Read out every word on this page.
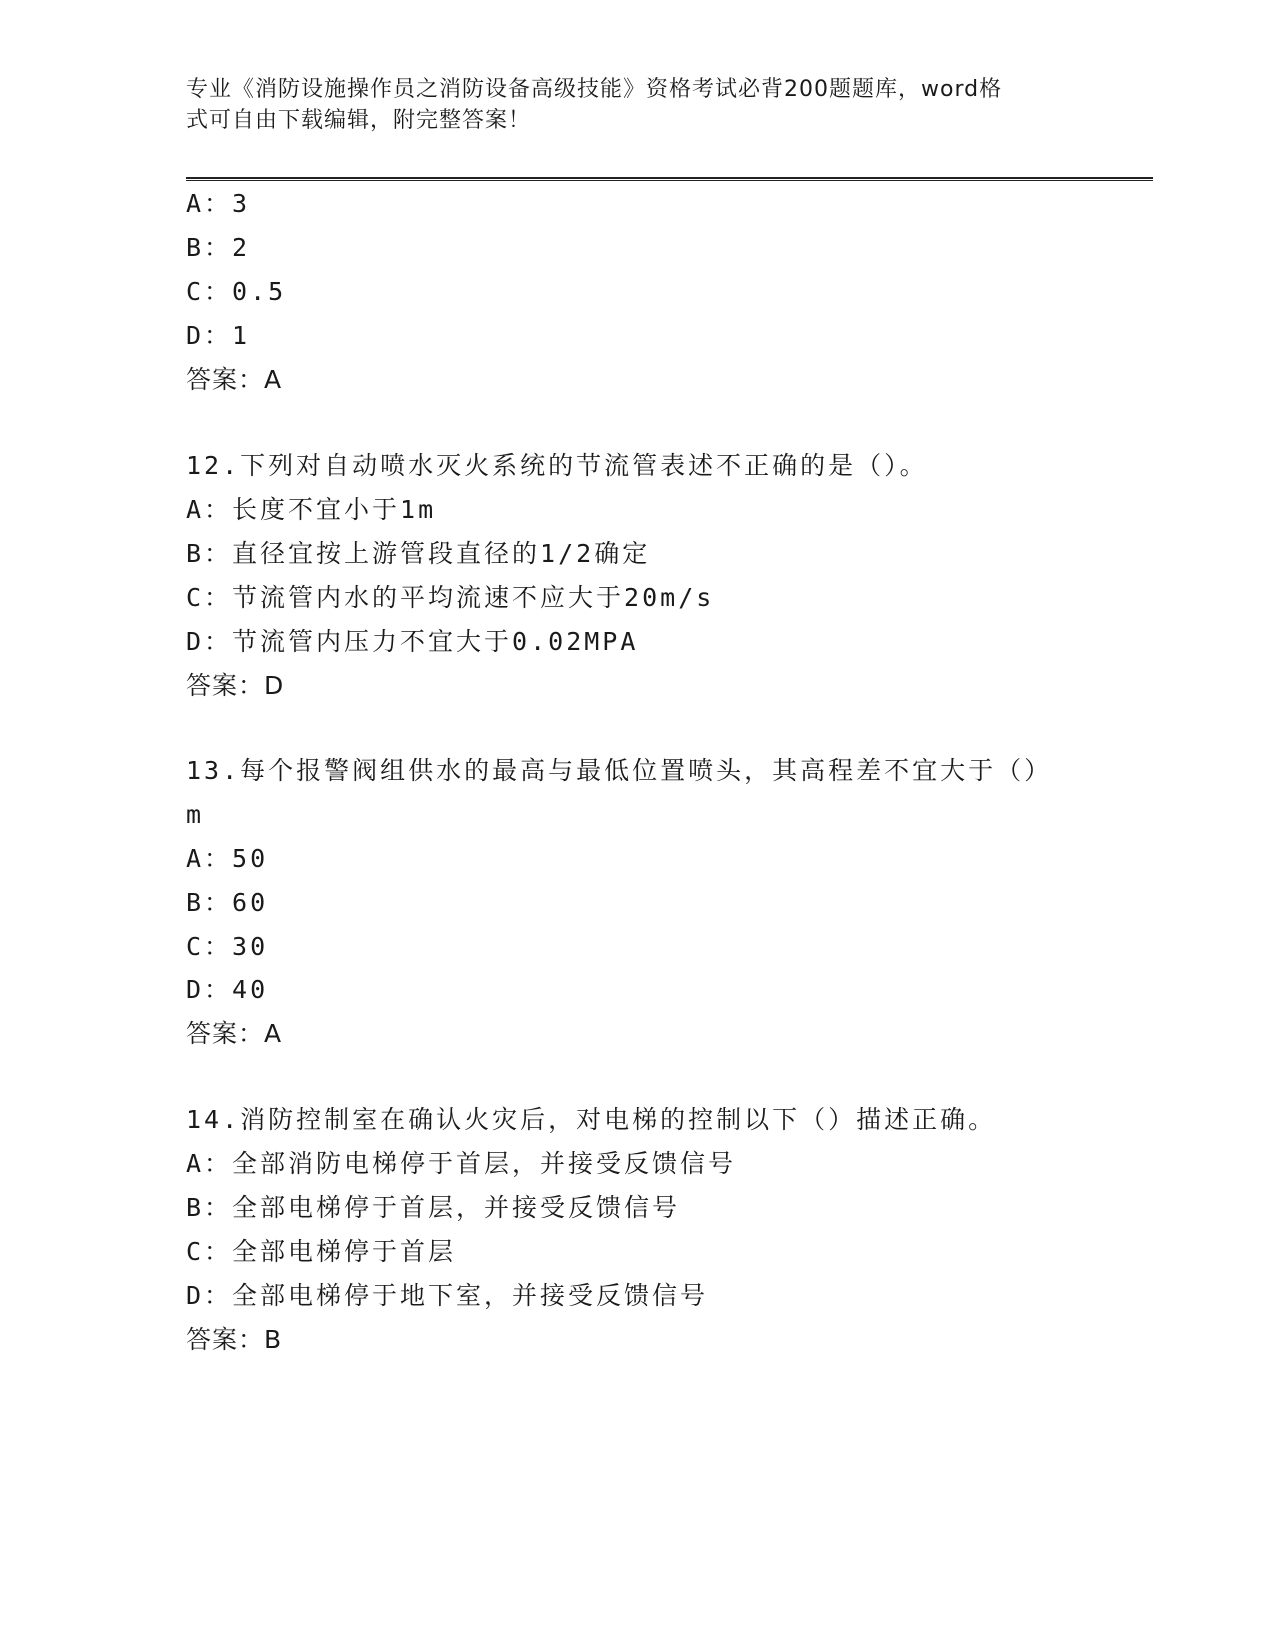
专业《消防设施操作员之消防设备高级技能》资格考试必背200题题库，word格
式可自由下载编辑，附完整答案！
A：3
B：2
C：0.5
D：1
答案：A
12.下列对自动喷水灭火系统的节流管表述不正确的是（）。
A：长度不宜小于1m
B：直径宜按上游管段直径的1/2确定
C：节流管内水的平均流速不应大于20m/s
D：节流管内压力不宜大于0.02MPA
答案：D
13.每个报警阀组供水的最高与最低位置喷头，其高程差不宜大于（）
m
A：50
B：60
C：30
D：40
答案：A
14.消防控制室在确认火灾后，对电梯的控制以下（）描述正确。
A：全部消防电梯停于首层，并接受反馈信号
B：全部电梯停于首层，并接受反馈信号
C：全部电梯停于首层
D：全部电梯停于地下室，并接受反馈信号
答案：B
